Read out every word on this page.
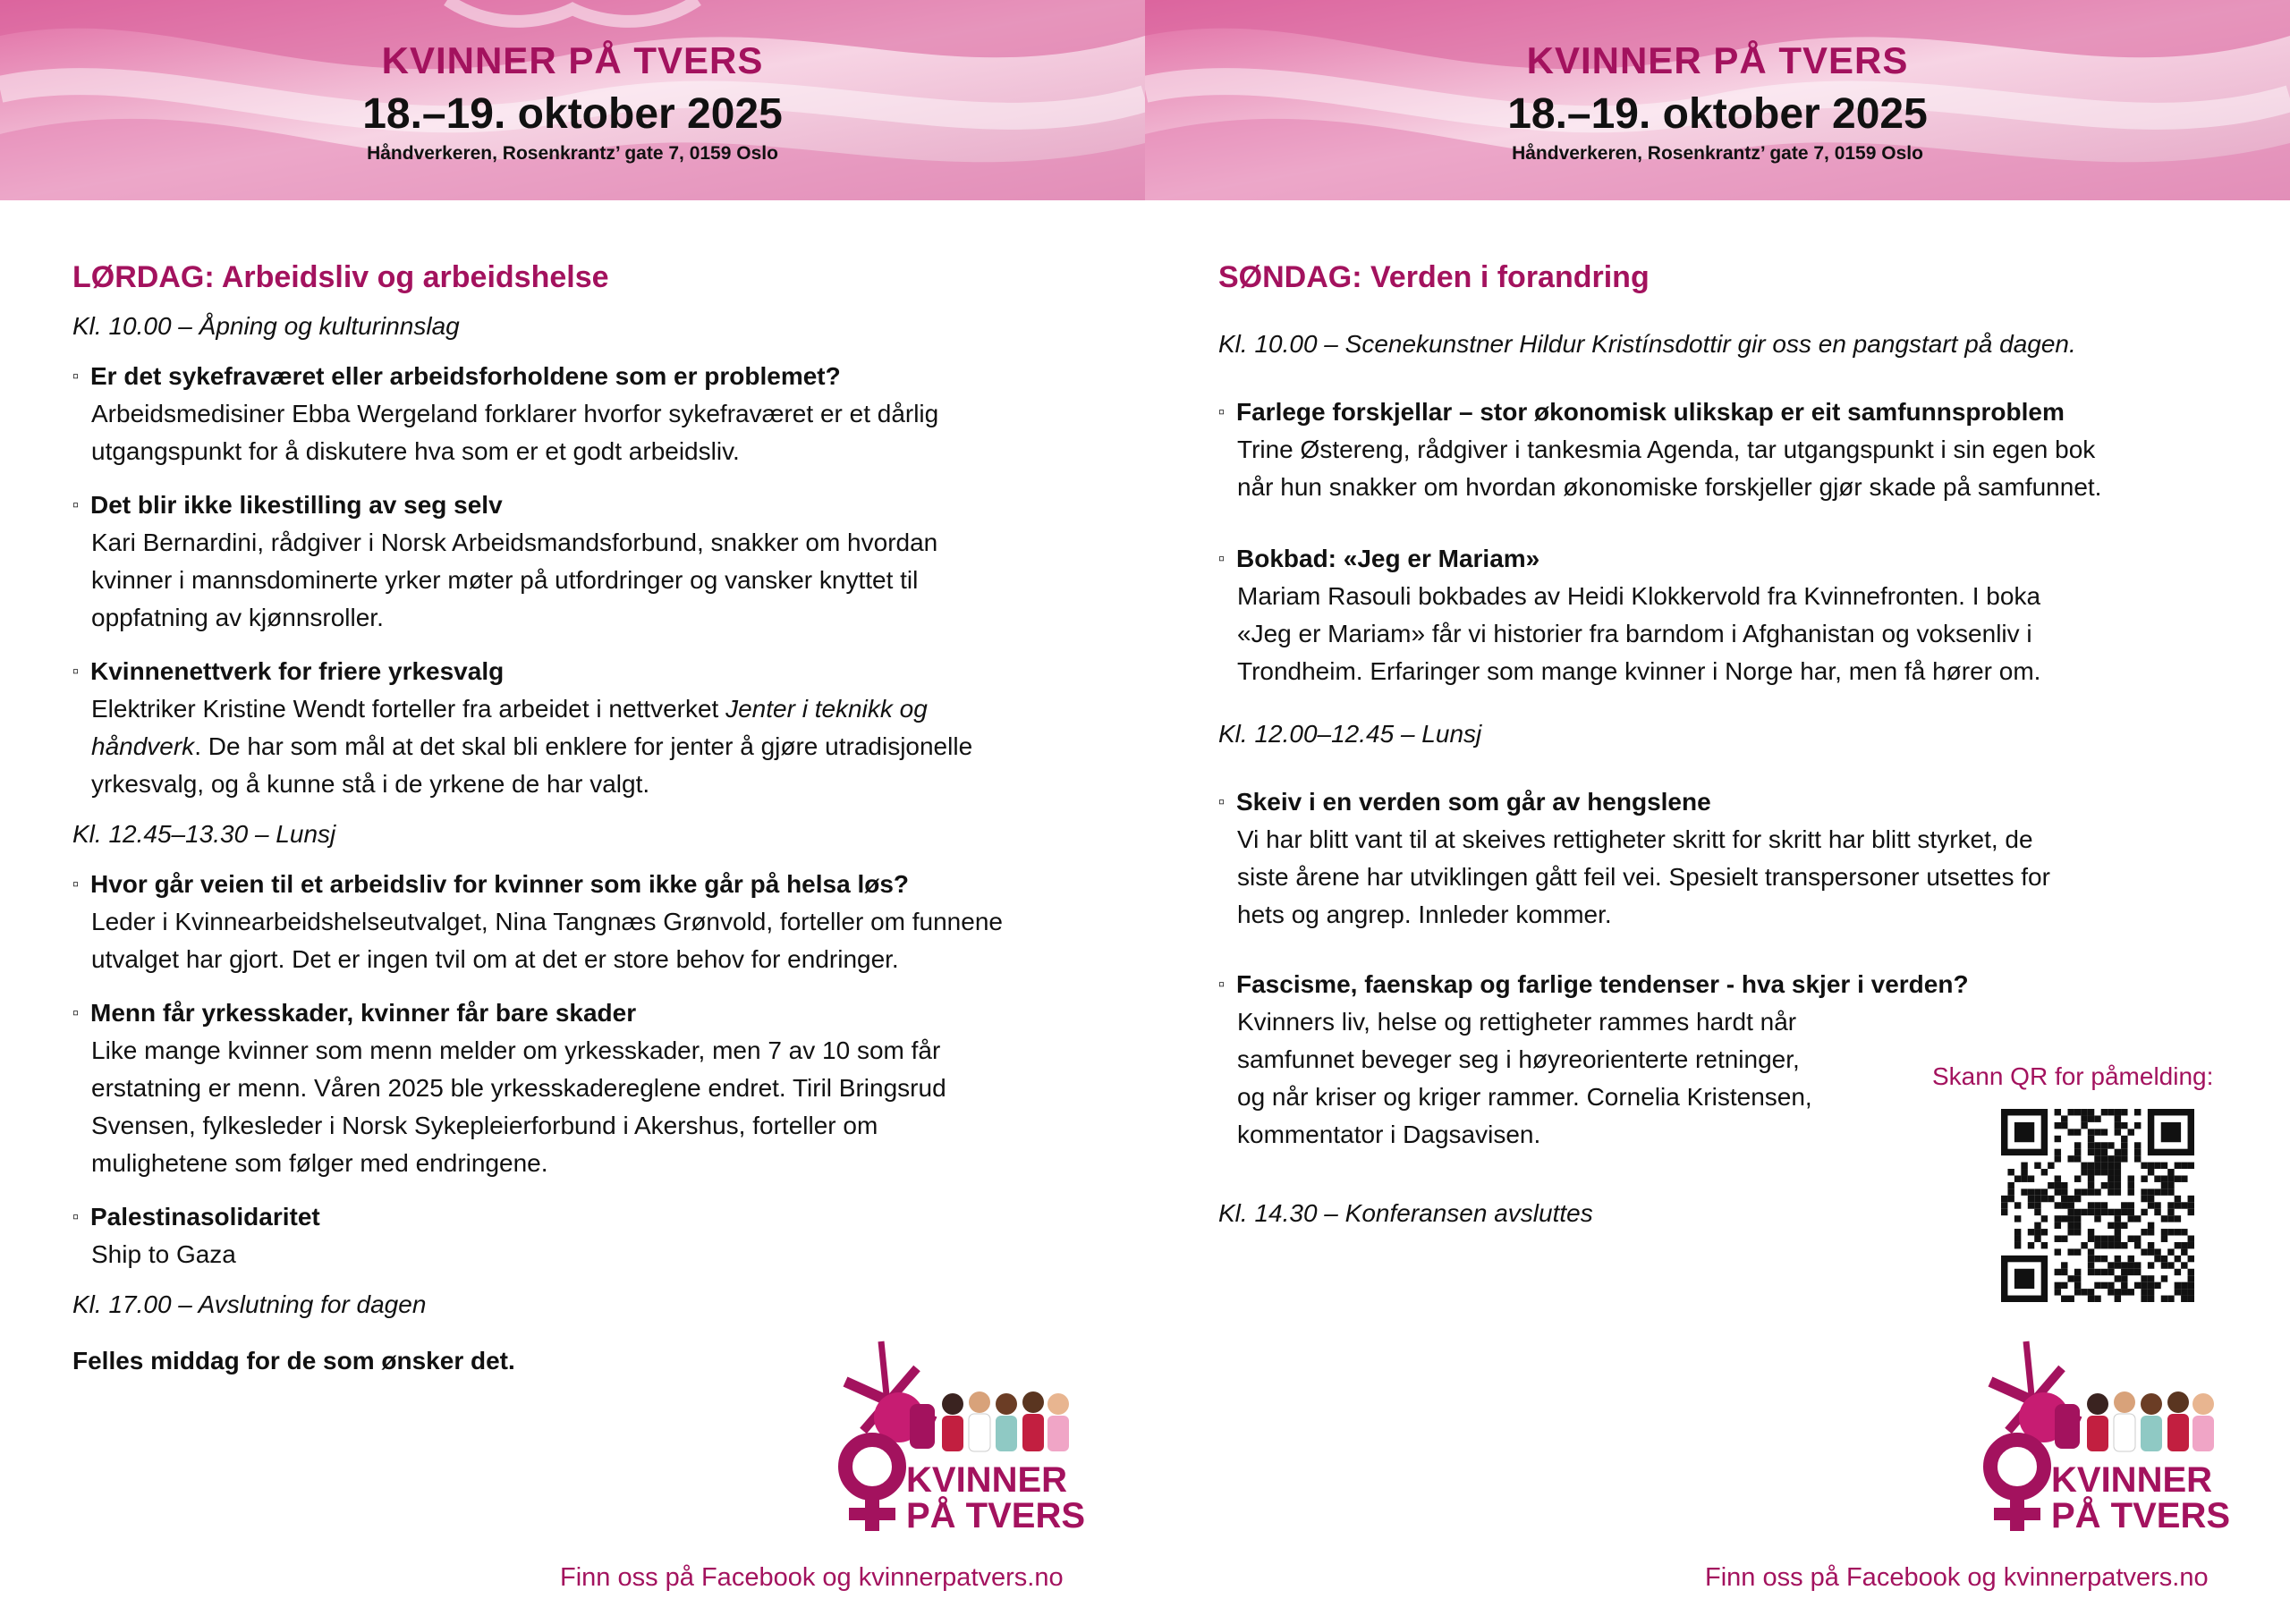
KVINNER PÅ TVERS
18.–19. oktober 2025
Håndverkeren, Rosenkrantz’ gate 7, 0159 Oslo
KVINNER PÅ TVERS
18.–19. oktober 2025
Håndverkeren, Rosenkrantz’ gate 7, 0159 Oslo
LØRDAG: Arbeidsliv og arbeidshelse
Kl. 10.00 – Åpning og kulturinnslag
▫ Er det sykefraværet eller arbeidsforholdene som er problemet?
Arbeidsmedisiner Ebba Wergeland forklarer hvorfor sykefraværet er et dårlig
utgangspunkt for å diskutere hva som er et godt arbeidsliv.
▫ Det blir ikke likestilling av seg selv
Kari Bernardini, rådgiver i Norsk Arbeidsmandsforbund, snakker om hvordan
kvinner i mannsdominerte yrker møter på utfordringer og vansker knyttet til
oppfatning av kjønnsroller.
▫ Kvinnenettverk for friere yrkesvalg
Elektriker Kristine Wendt forteller fra arbeidet i nettverket Jenter i teknikk og
håndverk. De har som mål at det skal bli enklere for jenter å gjøre utradisjonelle
yrkesvalg, og å kunne stå i de yrkene de har valgt.
Kl. 12.45–13.30 – Lunsj
▫ Hvor går veien til et arbeidsliv for kvinner som ikke går på helsa løs?
Leder i Kvinnearbeidshelseutvalget, Nina Tangnæs Grønvold, forteller om funnene
utvalget har gjort. Det er ingen tvil om at det er store behov for endringer.
▫ Menn får yrkesskader, kvinner får bare skader
Like mange kvinner som menn melder om yrkesskader, men 7 av 10 som får
erstatning er menn. Våren 2025 ble yrkesskadereglene endret. Tiril Bringsrud
Svensen, fylkesleder i Norsk Sykepleierforbund i Akershus, forteller om
mulighetene som følger med endringene.
▫ Palestinasolidaritet
Ship to Gaza
Kl. 17.00 – Avslutning for dagen
Felles middag for de som ønsker det.
SØNDAG: Verden i forandring
Kl. 10.00 – Scenekunstner Hildur Kristínsdottir gir oss en pangstart på dagen.
▫ Farlege forskjellar – stor økonomisk ulikskap er eit samfunnsproblem
Trine Østereng, rådgiver i tankesmia Agenda, tar utgangspunkt i sin egen bok
når hun snakker om hvordan økonomiske forskjeller gjør skade på samfunnet.
▫ Bokbad: «Jeg er Mariam»
Mariam Rasouli bokbades av Heidi Klokkervold fra Kvinnefronten. I boka
«Jeg er Mariam» får vi historier fra barndom i Afghanistan og voksenliv i
Trondheim. Erfaringer som mange kvinner i Norge har, men få hører om.
Kl. 12.00–12.45 – Lunsj
▫ Skeiv i en verden som går av hengslene
Vi har blitt vant til at skeives rettigheter skritt for skritt har blitt styrket, de
siste årene har utviklingen gått feil vei. Spesielt transpersoner utsettes for
hets og angrep. Innleder kommer.
▫ Fascisme, faenskap og farlige tendenser - hva skjer i verden?
Kvinners liv, helse og rettigheter rammes hardt når
samfunnet beveger seg i høyreorienterte retninger,
og når kriser og kriger rammer. Cornelia Kristensen,
kommentator i Dagsavisen.
Kl. 14.30 – Konferansen avsluttes
Skann QR for påmelding:
KVINNER
PÅ TVERS
KVINNER
PÅ TVERS
Finn oss på Facebook og kvinnerpatvers.no	Finn oss på Facebook og kvinnerpatvers.no
